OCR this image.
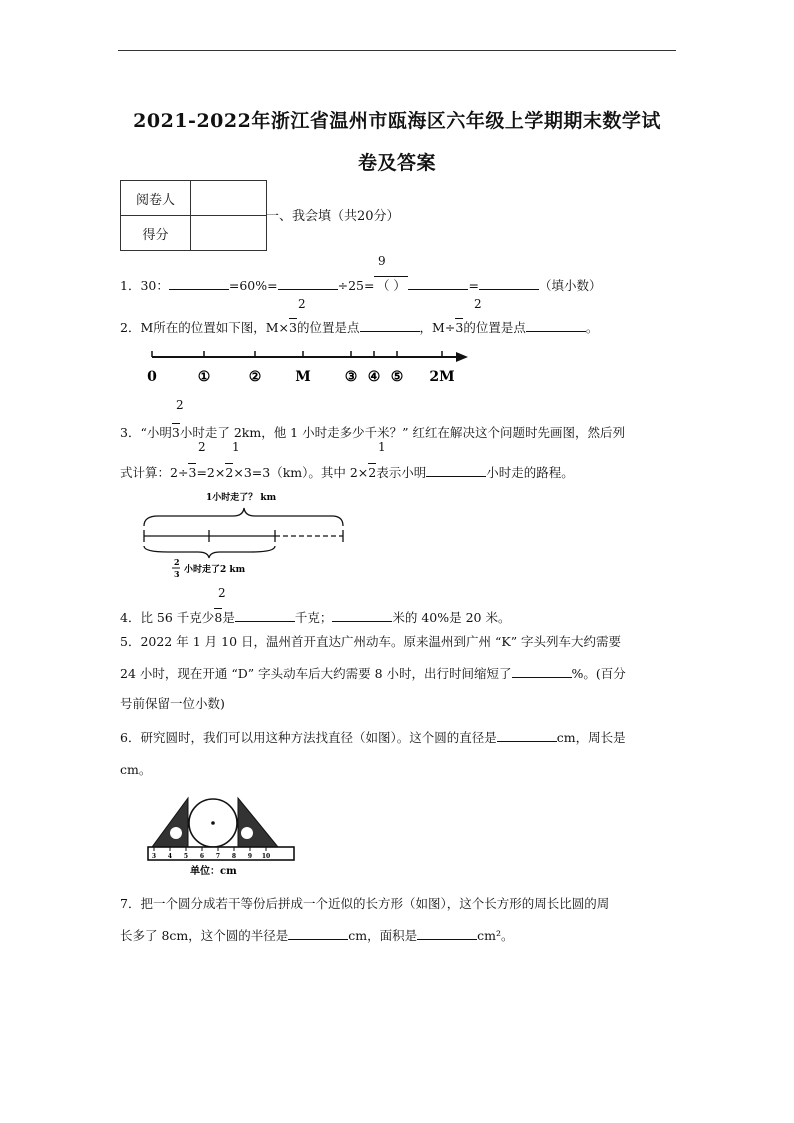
2021-2022年浙江省温州市瓯海区六年级上学期期末数学试
卷及答案
阅卷人	
得分	
一、我会填（共20分）
1．30：	=60%=	÷25= （ ）	=	（填小数）
9
2．M所在的位置如下图，M×3的位置是点	，M÷3的位置是点	。
2	2
0	①	② M ③ ④ ⑤ 2M
3．“小明3小时走了 2km，他 1 小时走多少千米？” 红红在解决这个问题时先画图，然后列
2
式计算：2÷3=2×2×3=3（km）。其中 2×2表示小明	小时走的路程。
2 1	1
1小时走了？ km
2
3 小时走了2 km
4．比 56 千克少8是	千克；	米的 40%是 20 米。
2
5．2022 年 1 月 10 日，温州首开直达广州动车。原来温州到广州 “K” 字头列车大约需要
24 小时，现在开通 “D” 字头动车后大约需要 8 小时，出行时间缩短了	%。(百分
号前保留一位小数)
6．研究圆时，我们可以用这种方法找直径（如图）。这个圆的直径是	cm，周长是
cm。
3 4 5 6 7 8 9 10
单位：cm
7．把一个圆分成若干等份后拼成一个近似的长方形（如图），这个长方形的周长比圆的周
长多了 8cm，这个圆的半径是	cm，面积是	cm²。
